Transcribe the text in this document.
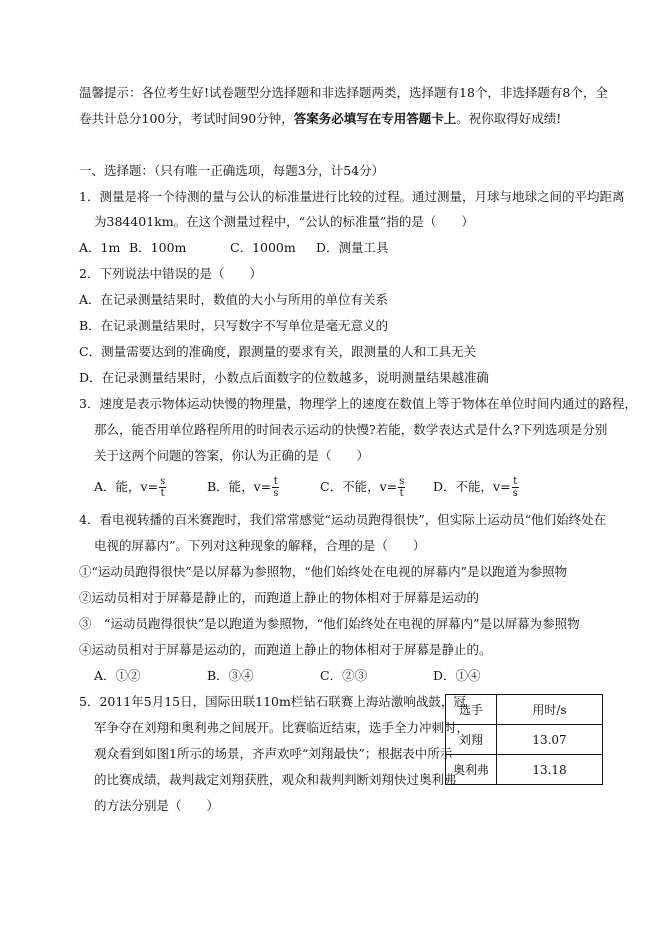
温馨提示：各位考生好!试卷题型分选择题和非选择题两类，选择题有18个，非选择题有8个，全
卷共计总分100分，考试时间90分钟，答案务必填写在专用答题卡上。祝你取得好成绩!
一、选择题：（只有唯一正确选项，每题3分，计54分）
1．测量是将一个待测的量与公认的标准量进行比较的过程。通过测量，月球与地球之间的平均距离
为384401km。在这个测量过程中，“公认的标准量”指的是（　　）
A．1m B．100m	C．1000m D．测量工具
2．下列说法中错误的是（　　）
A．在记录测量结果时，数值的大小与所用的单位有关系
B．在记录测量结果时，只写数字不写单位是毫无意义的
C．测量需要达到的准确度，跟测量的要求有关，跟测量的人和工具无关
D．在记录测量结果时，小数点后面数字的位数越多，说明测量结果越准确
3．速度是表示物体运动快慢的物理量，物理学上的速度在数值上等于物体在单位时间内通过的路程，
那么，能否用单位路程所用的时间表示运动的快慢?若能，数学表达式是什么?下列选项是分别
关于这两个问题的答案，你认为正确的是（　　）
A．能，$v= \frac{s}{t}$	B．能，$v= \frac{t}{s}$	C．不能，$v= \frac{s}{t}$ D．不能，$v= \frac{t}{s}$
4．看电视转播的百米赛跑时，我们常常感觉“运动员跑得很快”，但实际上运动员“他们始终处在
电视的屏幕内”。下列对这种现象的解释，合理的是（　　）
①“运动员跑得很快”是以屏幕为参照物，“他们始终处在电视的屏幕内”是以跑道为参照物
②运动员相对于屏幕是静止的，而跑道上静止的物体相对于屏幕是运动的
③　“运动员跑得很快”是以跑道为参照物，“他们始终处在电视的屏幕内”是以屏幕为参照物
④运动员相对于屏幕是运动的，而跑道上静止的物体相对于屏幕是静止的。
A．①②	B．③④	C．②③	D．①④
5．2011年5月15日，国际田联110m栏钻石联赛上海站激响战鼓，冠
军争夺在刘翔和奥利弗之间展开。比赛临近结束，选手全力冲刺时，
观众看到如图1所示的场景，齐声欢呼“刘翔最快”；根据表中所示
的比赛成绩，裁判裁定刘翔获胜，观众和裁判判断刘翔快过奥利弗
的方法分别是（　　）
选手	用时/s
刘翔	13.07
奥利弗	13.18
